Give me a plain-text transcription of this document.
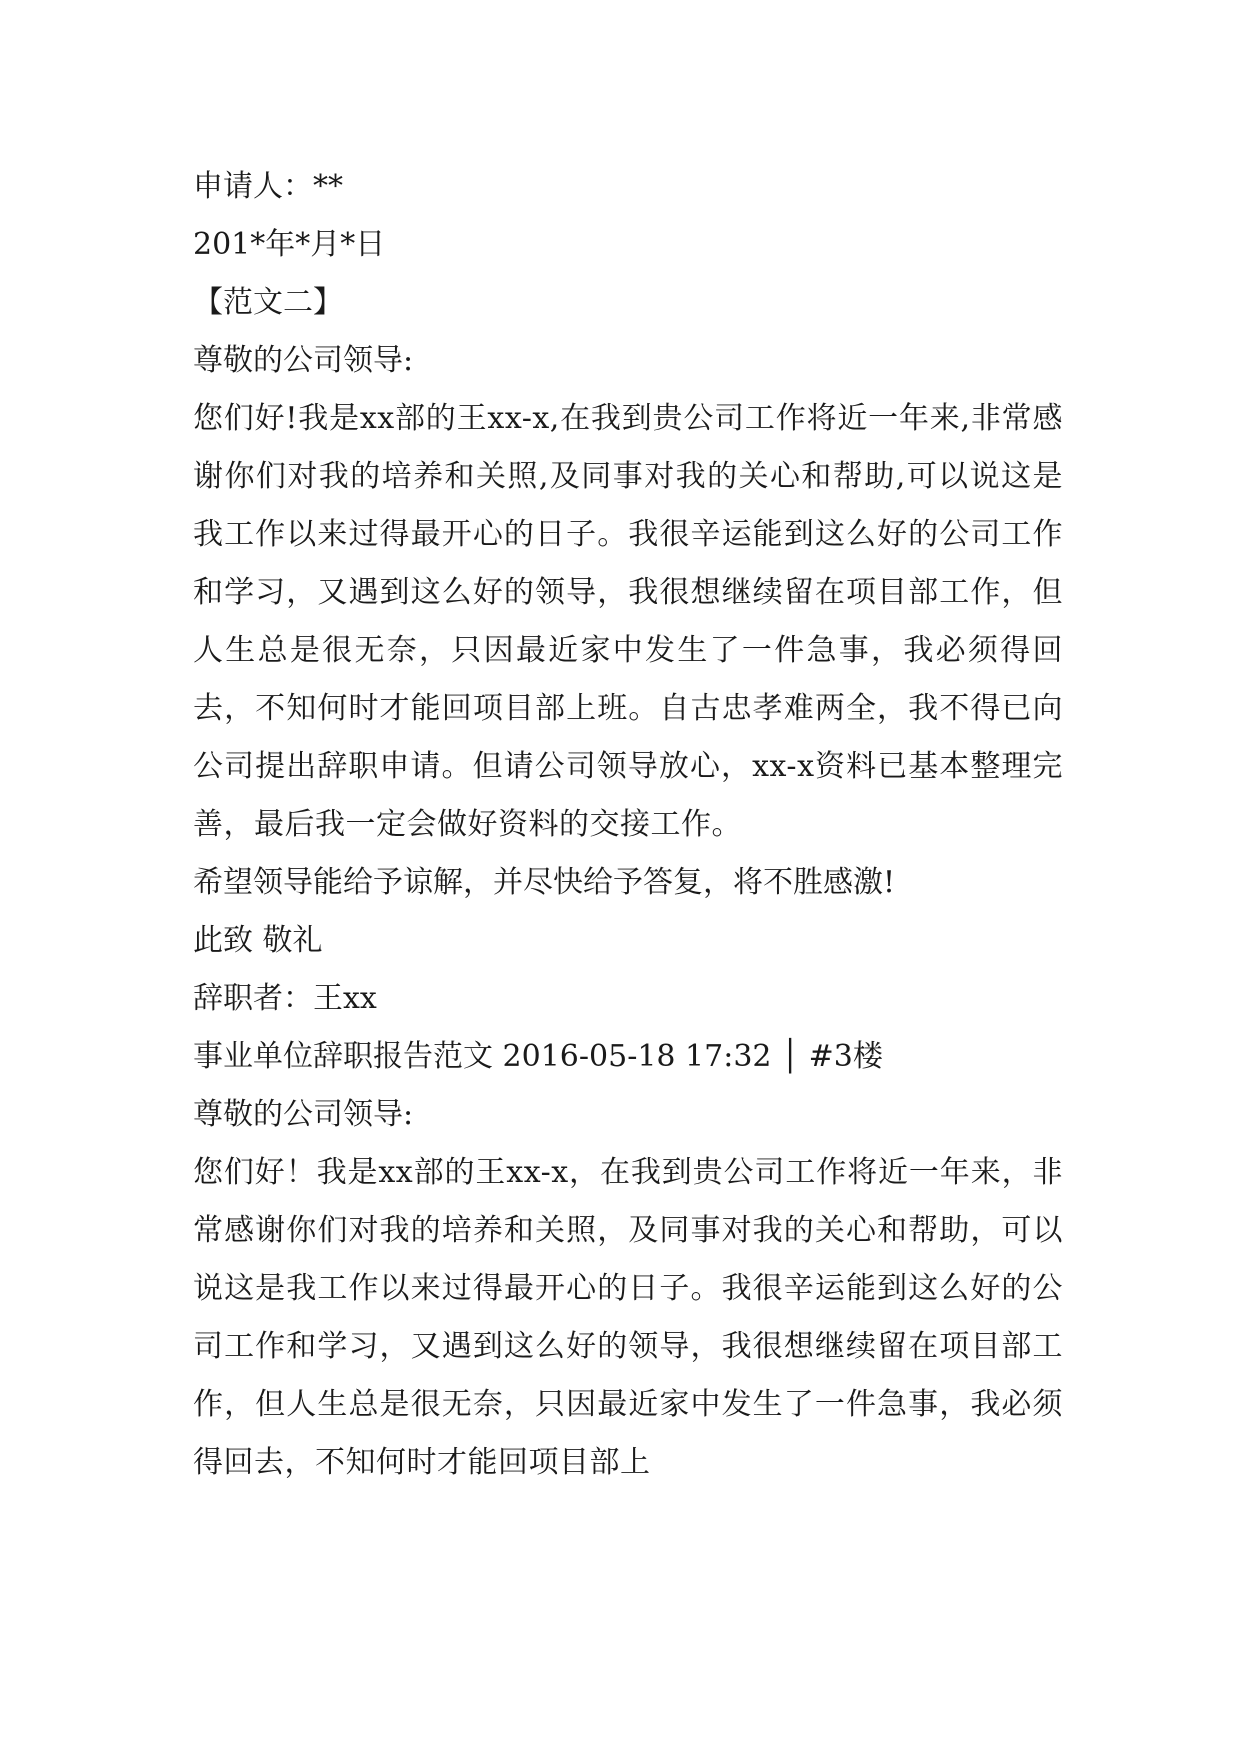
申请人：**

201*年*月*日

【范文二】

尊敬的公司领导:

您们好!我是xx部的王xx-x,在我到贵公司工作将近一年来,非常感谢你们对我的培养和关照,及同事对我的关心和帮助,可以说这是我工作以来过得最开心的日子。我很辛运能到这么好的公司工作和学习，又遇到这么好的领导，我很想继续留在项目部工作，但人生总是很无奈，只因最近家中发生了一件急事，我必须得回去，不知何时才能回项目部上班。自古忠孝难两全，我不得已向公司提出辞职申请。但请公司领导放心，xx-x资料已基本整理完善，最后我一定会做好资料的交接工作。

希望领导能给予谅解，并尽快给予答复，将不胜感激!

此致 敬礼

辞职者：王xx

事业单位辞职报告范文 2016-05-18 17:32 │ #3楼

尊敬的公司领导:

您们好！我是xx部的王xx-x，在我到贵公司工作将近一年来，非常感谢你们对我的培养和关照，及同事对我的关心和帮助，可以说这是我工作以来过得最开心的日子。我很辛运能到这么好的公司工作和学习，又遇到这么好的领导，我很想继续留在项目部工作，但人生总是很无奈，只因最近家中发生了一件急事，我必须得回去，不知何时才能回项目部上
